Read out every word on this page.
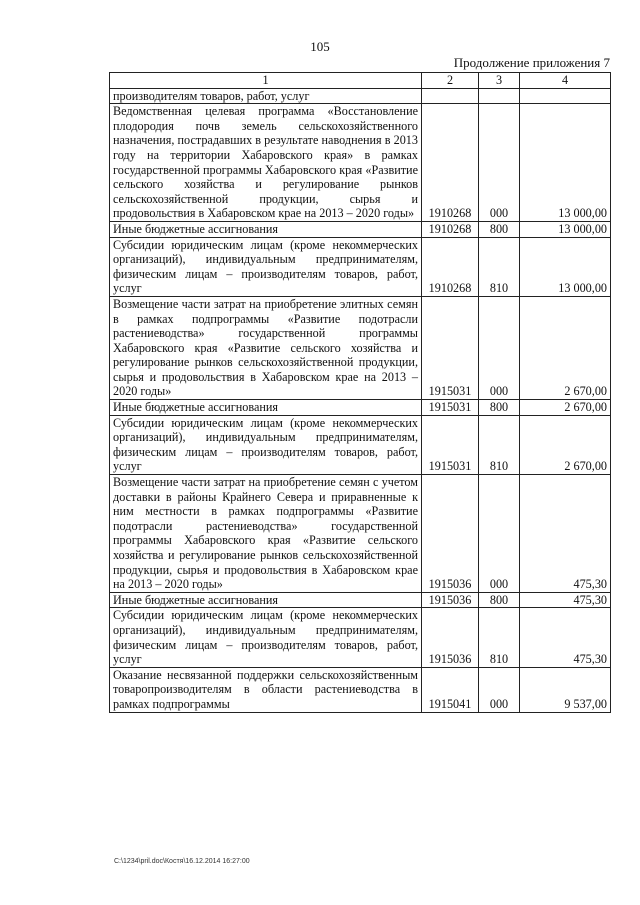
105
Продолжение приложения 7
1	2	3	4
производителям товаров, работ, услуг			
Ведомственная целевая программа «Восстановление плодородия почв земель сельскохозяйственного назначения, пострадавших в результате наводнения в 2013 году на территории Хабаровского края» в рамках государственной программы Хабаровского края «Развитие сельского хозяйства и регулирование рынков сельскохозяйственной продукции, сырья и продовольствия в Хабаровском крае на 2013 – 2020 годы»	1910268	000	13 000,00
Иные бюджетные ассигнования	1910268	800	13 000,00
Субсидии юридическим лицам (кроме некоммерческих организаций), индивидуальным предпринимателям, физическим лицам – производителям товаров, работ, услуг	1910268	810	13 000,00
Возмещение части затрат на приобретение элитных семян в рамках подпрограммы «Развитие подотрасли растениеводства» государственной программы Хабаровского края «Развитие сельского хозяйства и регулирование рынков сельскохозяйственной продукции, сырья и продовольствия в Хабаровском крае на 2013 – 2020 годы»	1915031	000	2 670,00
Иные бюджетные ассигнования	1915031	800	2 670,00
Субсидии юридическим лицам (кроме некоммерческих организаций), индивидуальным предпринимателям, физическим лицам – производителям товаров, работ, услуг	1915031	810	2 670,00
Возмещение части затрат на приобретение семян с учетом доставки в районы Крайнего Севера и приравненные к ним местности в рамках подпрограммы «Развитие подотрасли растениеводства» государственной программы Хабаровского края «Развитие сельского хозяйства и регулирование рынков сельскохозяйственной продукции, сырья и продовольствия в Хабаровском крае на 2013 – 2020 годы»	1915036	000	475,30
Иные бюджетные ассигнования	1915036	800	475,30
Субсидии юридическим лицам (кроме некоммерческих организаций), индивидуальным предпринимателям, физическим лицам – производителям товаров, работ, услуг	1915036	810	475,30
Оказание несвязанной поддержки сельскохозяйственным товаропроизводителям в области растениеводства в рамках подпрограммы	1915041	000	9 537,00
C:\1234\pril.doc\Костя\16.12.2014 16:27:00
